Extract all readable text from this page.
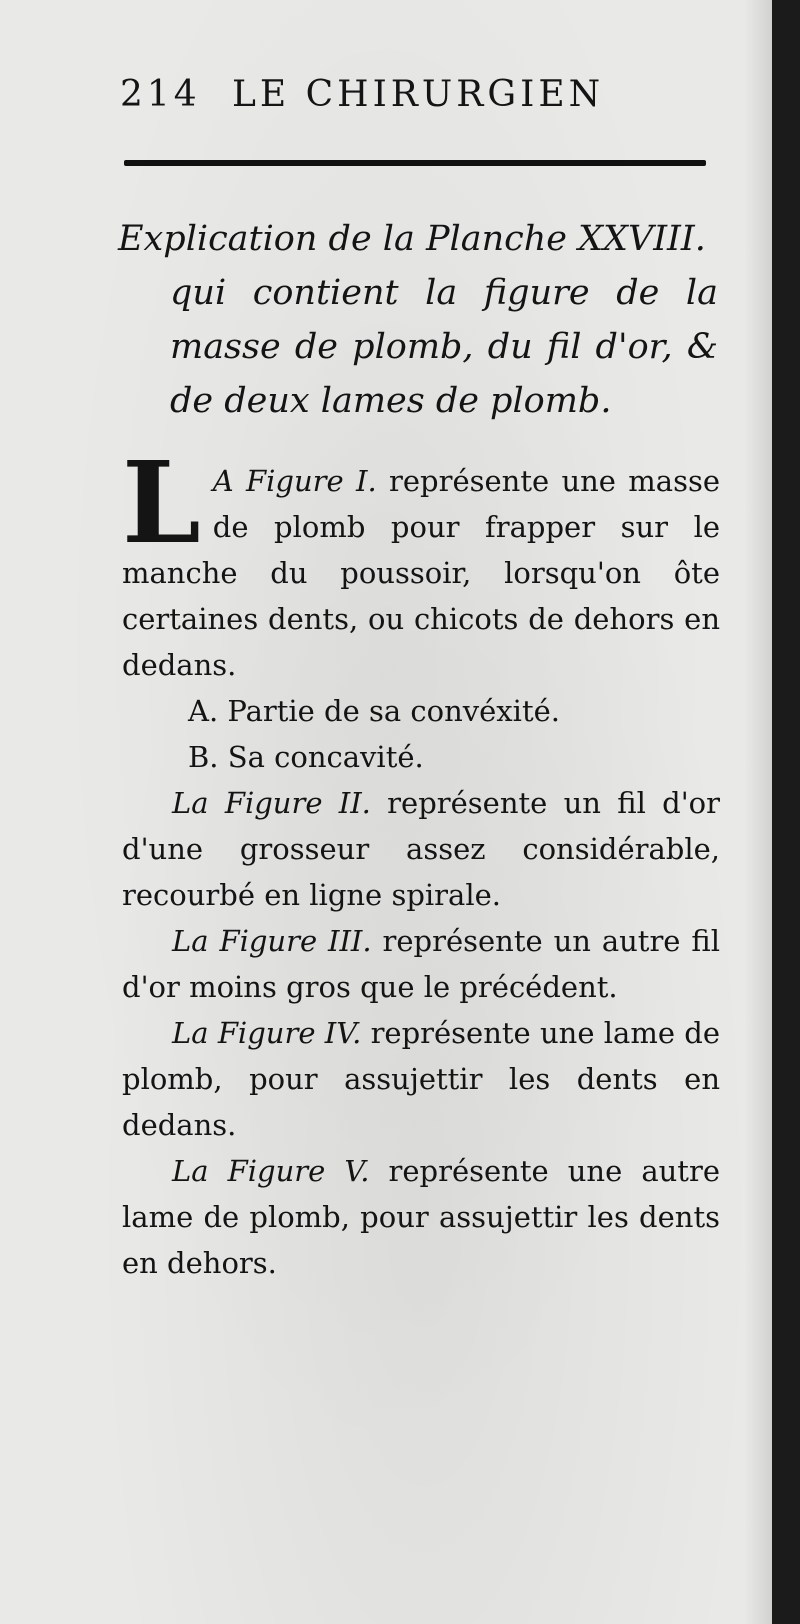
214 LE CHIRURGIEN
Explication de la Planche XXVIII.
qui contient la figure de la masse de plomb, du fil d'or, & de deux lames de plomb.

L A Figure I. représente une masse de plomb pour frapper sur le manche du poussoir, lorsqu'on ôte certaines dents, ou chicots de dehors en dedans.

A. Partie de sa convéxité.
B. Sa concavité.

La Figure II. représente un fil d'or d'une grosseur assez considérable, recourbé en ligne spirale.

La Figure III. représente un autre fil d'or moins gros que le précédent.

La Figure IV. représente une lame de plomb, pour assujettir les dents en dedans.

La Figure V. représente une autre lame de plomb, pour assujettir les dents en dehors.
